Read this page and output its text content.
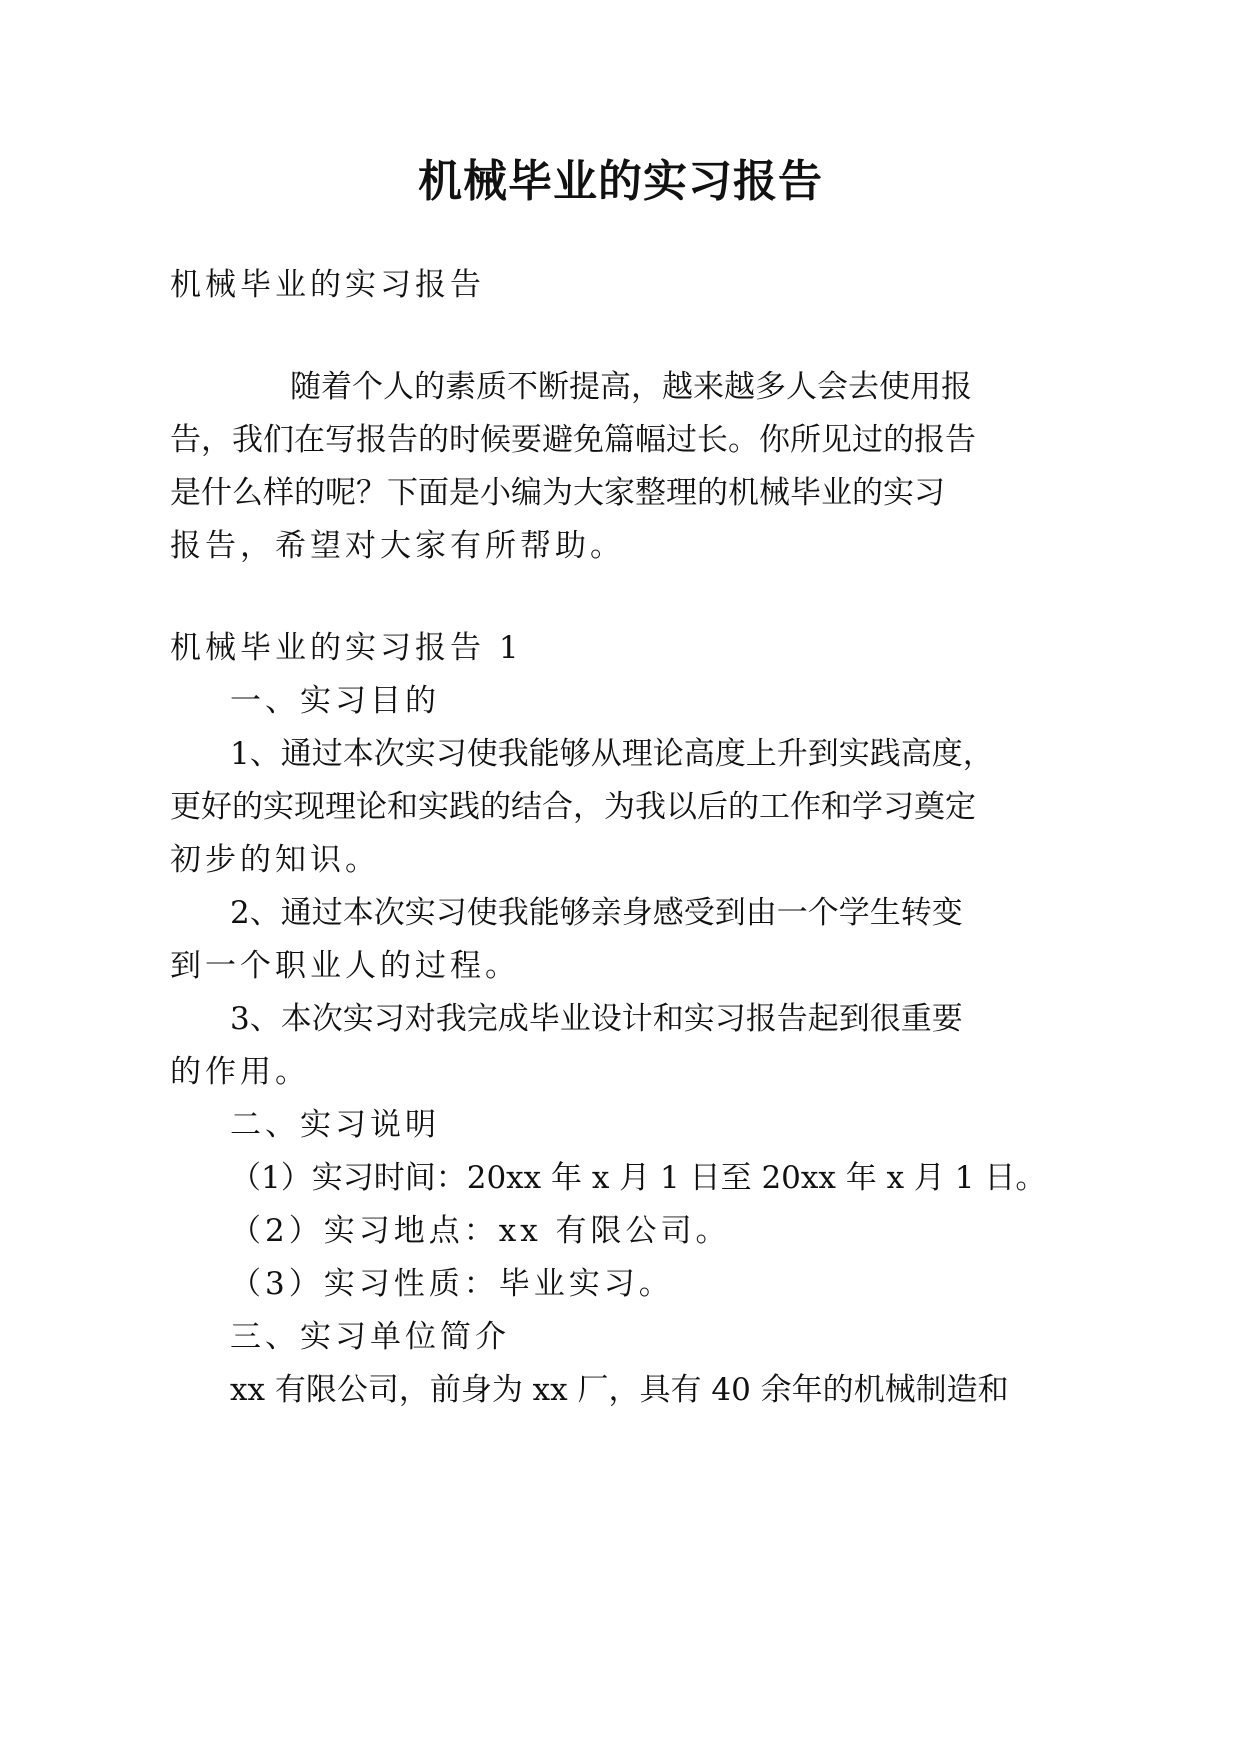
机械毕业的实习报告
机械毕业的实习报告
随着个人的素质不断提高，越来越多人会去使用报
告，我们在写报告的时候要避免篇幅过长。你所见过的报告
是什么样的呢？下面是小编为大家整理的机械毕业的实习
报告，希望对大家有所帮助。
机械毕业的实习报告 1
一、实习目的
1、通过本次实习使我能够从理论高度上升到实践高度，
更好的实现理论和实践的结合，为我以后的工作和学习奠定
初步的知识。
2、通过本次实习使我能够亲身感受到由一个学生转变
到一个职业人的过程。
3、本次实习对我完成毕业设计和实习报告起到很重要
的作用。
二、实习说明
（1）实习时间：20xx 年 x 月 1 日至 20xx 年 x 月 1 日。
（2）实习地点：xx 有限公司。
（3）实习性质：毕业实习。
三、实习单位简介
xx 有限公司，前身为 xx 厂，具有 40 余年的机械制造和
